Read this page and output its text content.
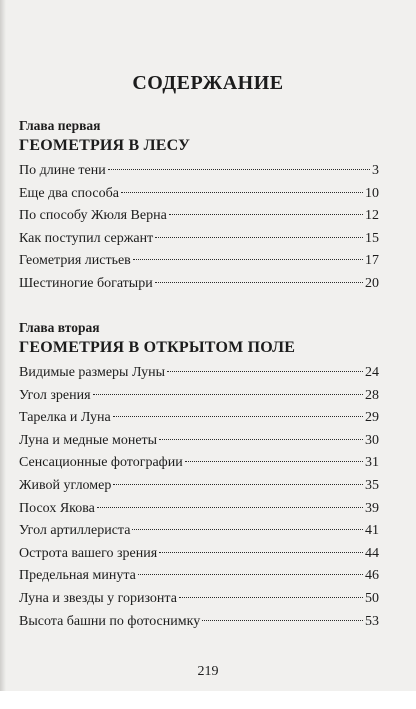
СОДЕРЖАНИЕ
Глава первая
ГЕОМЕТРИЯ В ЛЕСУ
По длине тени	3
Еще два способа	10
По способу Жюля Верна	12
Как поступил сержант	15
Геометрия листьев	17
Шестиногие богатыри	20
Глава вторая
ГЕОМЕТРИЯ В ОТКРЫТОМ ПОЛЕ
Видимые размеры Луны	24
Угол зрения	28
Тарелка и Луна	29
Луна и медные монеты	30
Сенсационные фотографии	31
Живой угломер	35
Посох Якова	39
Угол артиллериста	41
Острота вашего зрения	44
Предельная минута	46
Луна и звезды у горизонта	50
Высота башни по фотоснимку	53
219
